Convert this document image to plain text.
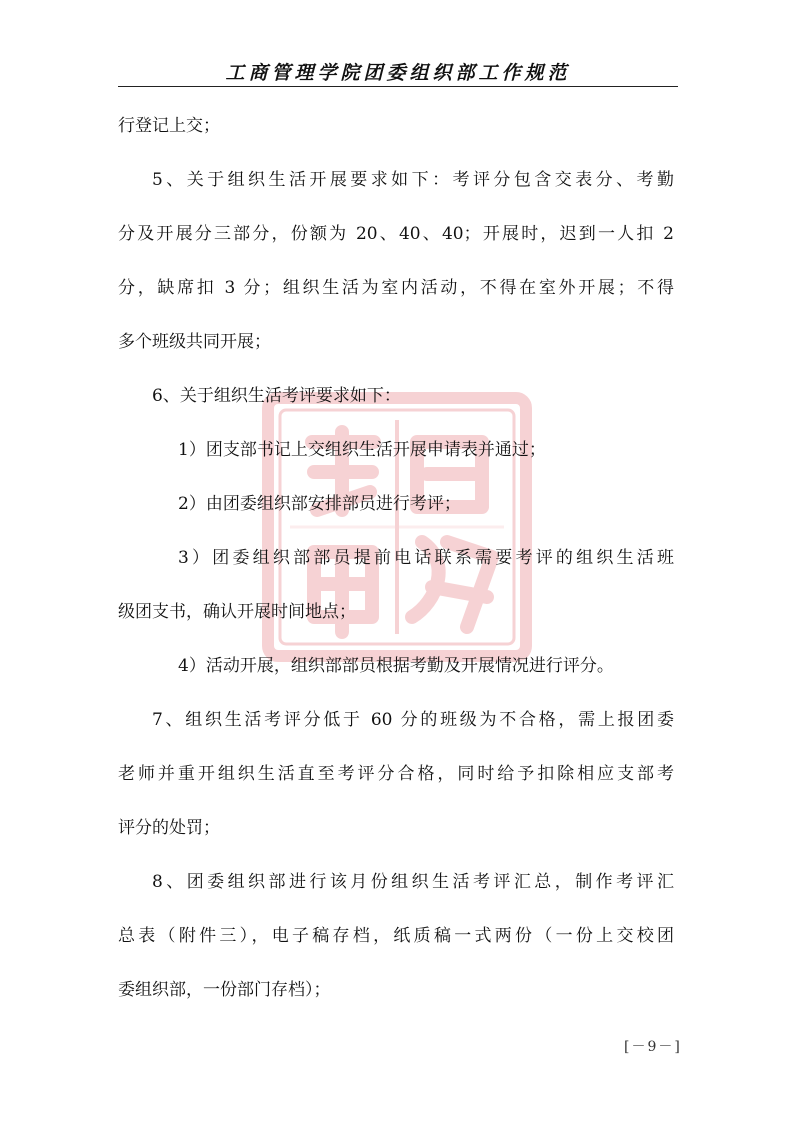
工商管理学院团委组织部工作规范
行登记上交；
5、关于组织生活开展要求如下：考评分包含交表分、考勤
分及开展分三部分，份额为 20、40、40；开展时，迟到一人扣 2
分，缺席扣 3 分；组织生活为室内活动，不得在室外开展；不得
多个班级共同开展；
6、关于组织生活考评要求如下：
1）团支部书记上交组织生活开展申请表并通过；
2）由团委组织部安排部员进行考评；
3）团委组织部部员提前电话联系需要考评的组织生活班
级团支书，确认开展时间地点；
4）活动开展，组织部部员根据考勤及开展情况进行评分。
7、组织生活考评分低于 60 分的班级为不合格，需上报团委
老师并重开组织生活直至考评分合格，同时给予扣除相应支部考
评分的处罚；
8、团委组织部进行该月份组织生活考评汇总，制作考评汇
总表（附件三），电子稿存档，纸质稿一式两份（一份上交校团
委组织部，一份部门存档）；
[－9－]
